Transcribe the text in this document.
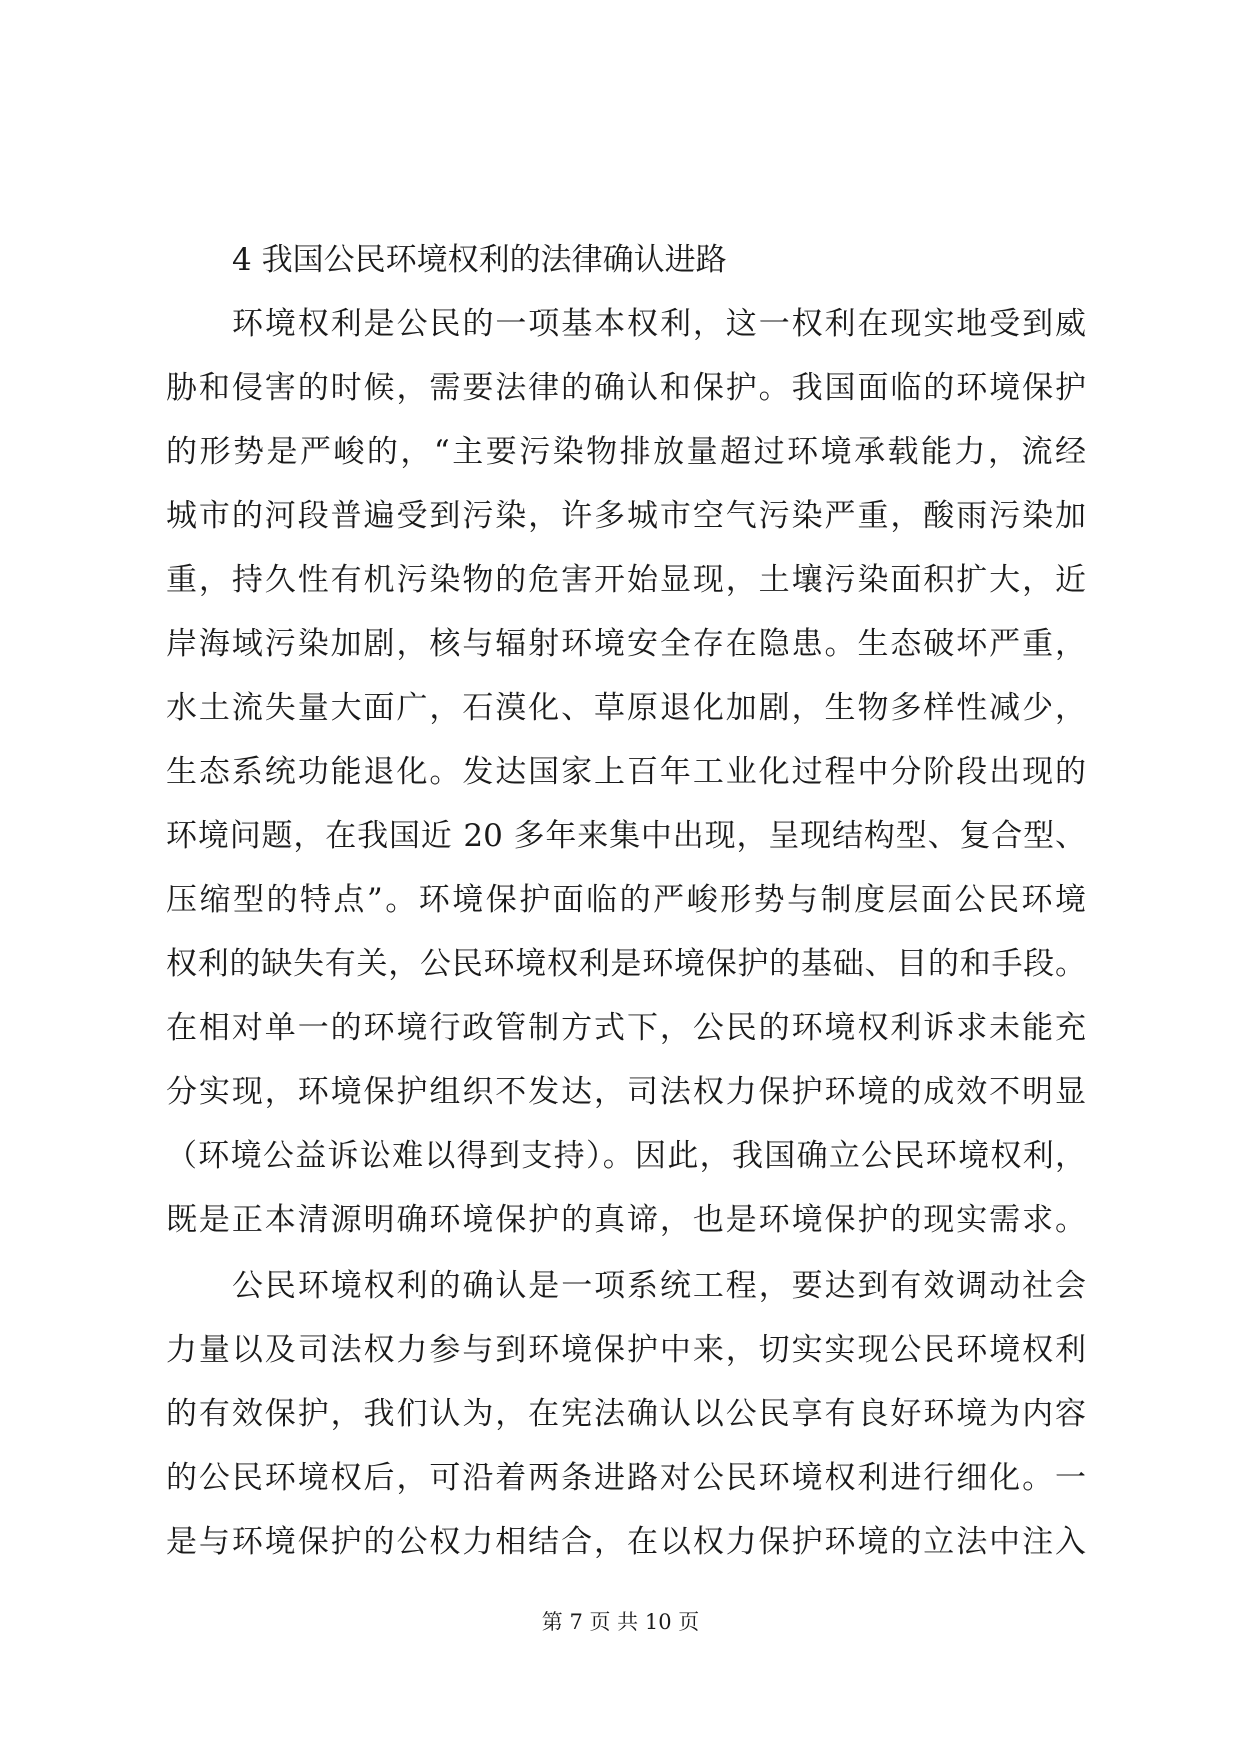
4 我国公民环境权利的法律确认进路
环境权利是公民的一项基本权利，这一权利在现实地受到威
胁和侵害的时候，需要法律的确认和保护。我国面临的环境保护
的形势是严峻的，“主要污染物排放量超过环境承载能力，流经
城市的河段普遍受到污染，许多城市空气污染严重，酸雨污染加
重，持久性有机污染物的危害开始显现，土壤污染面积扩大，近
岸海域污染加剧，核与辐射环境安全存在隐患。生态破坏严重，
水土流失量大面广，石漠化、草原退化加剧，生物多样性减少，
生态系统功能退化。发达国家上百年工业化过程中分阶段出现的
环境问题，在我国近 20 多年来集中出现，呈现结构型、复合型、
压缩型的特点”。环境保护面临的严峻形势与制度层面公民环境
权利的缺失有关，公民环境权利是环境保护的基础、目的和手段。
在相对单一的环境行政管制方式下，公民的环境权利诉求未能充
分实现，环境保护组织不发达，司法权力保护环境的成效不明显
（环境公益诉讼难以得到支持）。因此，我国确立公民环境权利，
既是正本清源明确环境保护的真谛，也是环境保护的现实需求。
公民环境权利的确认是一项系统工程，要达到有效调动社会
力量以及司法权力参与到环境保护中来，切实实现公民环境权利
的有效保护，我们认为，在宪法确认以公民享有良好环境为内容
的公民环境权后，可沿着两条进路对公民环境权利进行细化。一
是与环境保护的公权力相结合，在以权力保护环境的立法中注入
第 7 页 共 10 页
